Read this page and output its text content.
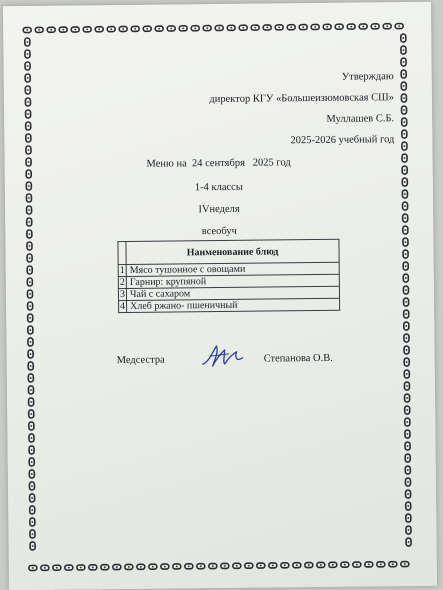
Утверждаю
директор КГУ «Большеизюмовская СШ»
Муллашев С.Б.
2025-2026 учебный год
Меню на  24 сентября   2025 год
1-4 классы
IVнеделя
всеобуч
	Наименование блюд
1	Мясо тушонное с овощами
2	Гарнир: крупяной
3	Чай с сахаром
4	Хлеб ржано- пшеничный
Медсестра	Степанова О.В.
